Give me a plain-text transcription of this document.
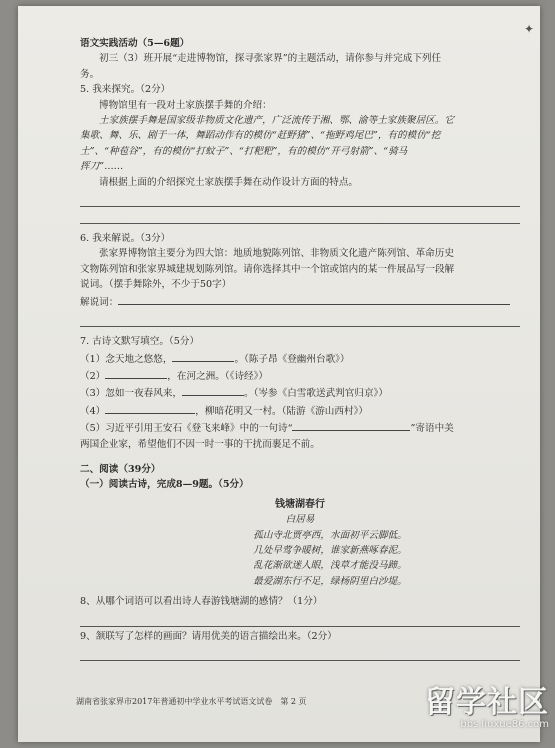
✦
语文实践活动（5—6题）
初三（3）班开展“走进博物馆，探寻张家界”的主题活动，请你参与并完成下列任
务。
5. 我来探究。（2分）
博物馆里有一段对土家族摆手舞的介绍：
土家族摆手舞是国家级非物质文化遗产，广泛流传于湘、鄂、渝等土家族聚居区。它
集歌、舞、乐、剧于一体，舞蹈动作有的模仿“赶野猪”、“拖野鸡尾巴”，有的模仿“挖
土”、“种苞谷”，有的模仿“打蚊子”、“打粑粑”，有的模仿“开弓射箭”、“骑马
挥刀”……
请根据上面的介绍探究土家族摆手舞在动作设计方面的特点。
6. 我来解说。（3分）
张家界博物馆主要分为四大馆：地质地貌陈列馆、非物质文化遗产陈列馆、革命历史
文物陈列馆和张家界城建规划陈列馆。请你选择其中一个馆或馆内的某一件展品写一段解
说词。（摆手舞除外，不少于50字）
解说词：
7. 古诗文默写填空。（5分）
（1）念天地之悠悠，	。（陈子昂《登幽州台歌》）
（2）	，在河之洲。（《诗经》）
（3）忽如一夜春风来，	。（岑参《白雪歌送武判官归京》）
（4）	，柳暗花明又一村。（陆游《游山西村》）
（5）习近平引用王安石《登飞来峰》中的一句诗“	”寄语中美
两国企业家，希望他们不因一时一事的干扰而裹足不前。
二、阅读（39分）
（一）阅读古诗，完成8—9题。（5分）
钱塘湖春行
白居易
孤山寺北贾亭西，水面初平云脚低。
几处早莺争暖树，谁家新燕啄春泥。
乱花渐欲迷人眼，浅草才能没马蹄。
最爱湖东行不足，绿杨阴里白沙堤。
8、从哪个词语可以看出诗人春游钱塘湖的感情？（1分）
9、颔联写了怎样的画面？请用优美的语言描绘出来。（2分）
湖南省张家界市2017年普通初中学业水平考试语文试卷　第 2 页	留学社区
bbs.liuxue86.com
